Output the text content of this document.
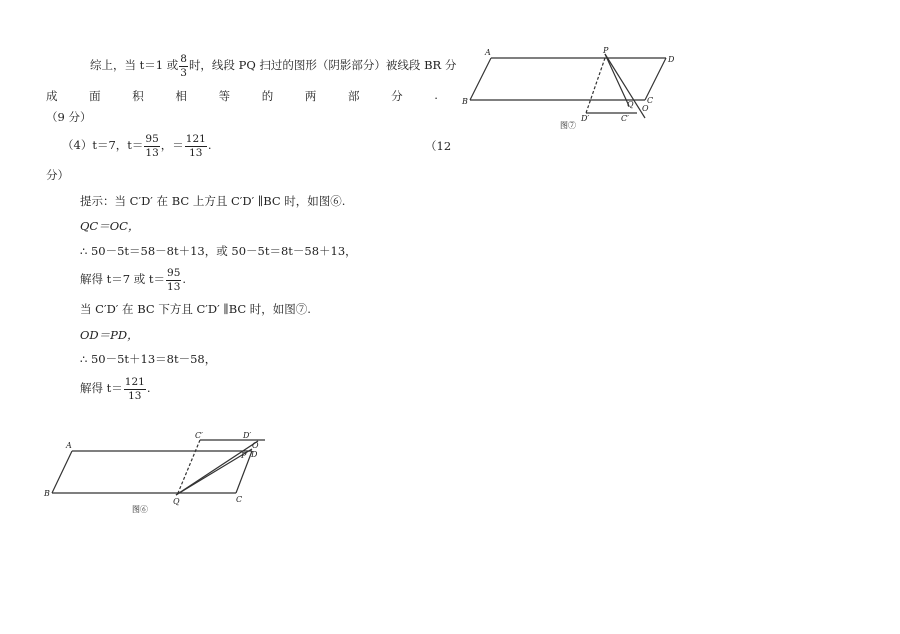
综上，当 t＝1 或 $\frac{8}{3}$ 时，线段 PQ 扫过的图形（阴影部分）被线段 BR 分
成	面	积	相	等	的	两	部	分	.
（9 分）
（4）t＝7，$t= \frac{95}{13}$ ，＝ $\frac{121}{13}$ .	（12
分）
提示：当 C′D′ 在 BC 上方且 C′D′ ∥BC 时，如图⑥.
QC＝OC，
∴ 50－5t＝58－8t＋13，或 50－5t＝8t－58＋13，
解得 t＝7 或 $t= \frac{95}{13}$ .
当 C′D′ 在 BC 下方且 C′D′ ∥BC 时，如图⑦.
OD＝PD，
∴ 50－5t＋13＝8t－58，
解得 $t= \frac{121}{13}$ .
A	P
D
B	Q C
O
D′	C′
图⑦
A
C′	D′
O
P D
B
Q	C
图⑥
